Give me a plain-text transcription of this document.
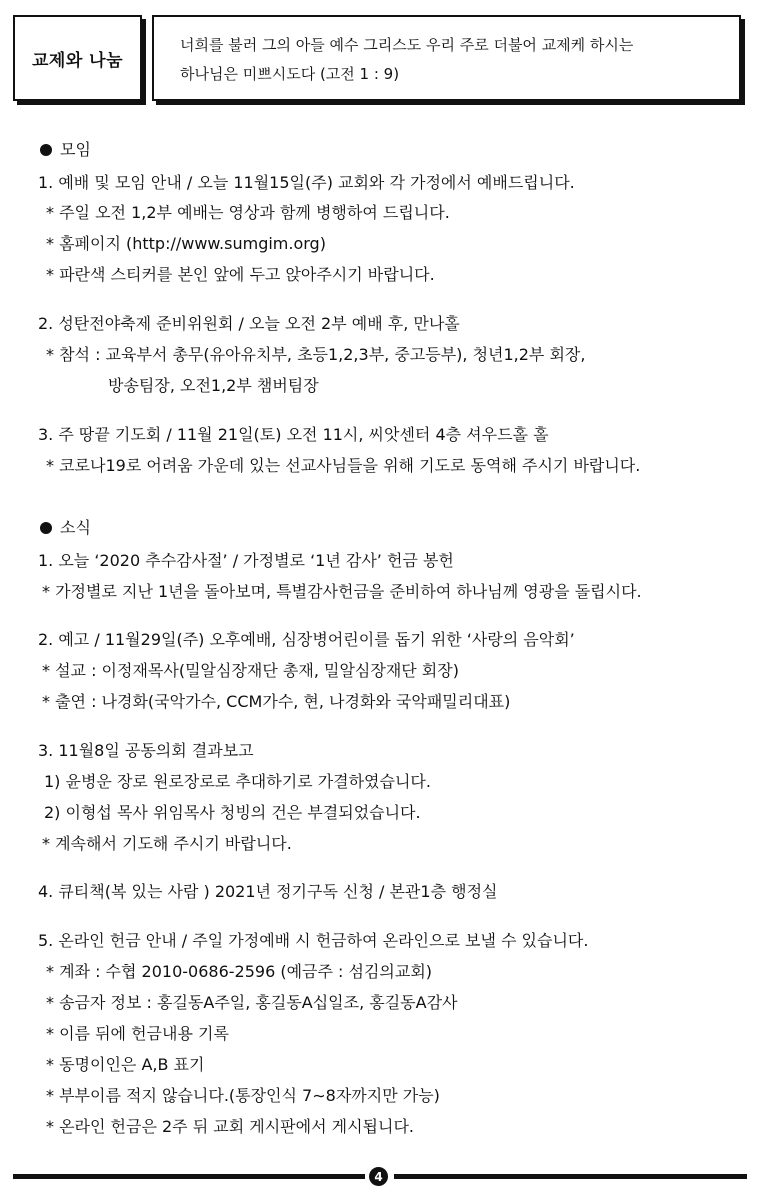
교제와 나눔
너희를 불러 그의 아들 예수 그리스도 우리 주로 더불어 교제케 하시는
하나님은 미쁘시도다 (고전 1 : 9)
모임
1. 예배 및 모임 안내 / 오늘 11월15일(주) 교회와 각 가정에서 예배드립니다.
* 주일 오전 1,2부 예배는 영상과 함께 병행하여 드립니다.
* 홈페이지 (http://www.sumgim.org)
* 파란색 스티커를 본인 앞에 두고 앉아주시기 바랍니다.
2. 성탄전야축제 준비위원회 / 오늘 오전 2부 예배 후, 만나홀
* 참석 : 교육부서 총무(유아유치부, 초등1,2,3부, 중고등부), 청년1,2부 회장,
방송팀장, 오전1,2부 챔버팀장
3. 주 땅끝 기도회 / 11월 21일(토) 오전 11시, 씨앗센터 4층 셔우드홀 홀
* 코로나19로 어려움 가운데 있는 선교사님들을 위해 기도로 동역해 주시기 바랍니다.
소식
1. 오늘 ‘2020 추수감사절’ / 가정별로 ‘1년 감사’ 헌금 봉헌
* 가정별로 지난 1년을 돌아보며, 특별감사헌금을 준비하여 하나님께 영광을 돌립시다.
2. 예고 / 11월29일(주) 오후예배, 심장병어린이를 돕기 위한 ‘사랑의 음악회’
* 설교 : 이정재목사(밀알심장재단 총재, 밀알심장재단 회장)
* 출연 : 나경화(국악가수, CCM가수, 현, 나경화와 국악패밀리대표)
3. 11월8일 공동의회 결과보고
1) 윤병운 장로 원로장로로 추대하기로 가결하였습니다.
2) 이형섭 목사 위임목사 청빙의 건은 부결되었습니다.
* 계속해서 기도해 주시기 바랍니다.
4. 큐티책(복 있는 사람 ) 2021년 정기구독 신청 / 본관1층 행정실
5. 온라인 헌금 안내 / 주일 가정예배 시 헌금하여 온라인으로 보낼 수 있습니다.
* 계좌 : 수협 2010-0686-2596 (예금주 : 섬김의교회)
* 송금자 정보 : 홍길동A주일, 홍길동A십일조, 홍길동A감사
* 이름 뒤에 헌금내용 기록
* 동명이인은 A,B 표기
* 부부이름 적지 않습니다.(통장인식 7∼8자까지만 가능)
* 온라인 헌금은 2주 뒤 교회 게시판에서 게시됩니다.
4
